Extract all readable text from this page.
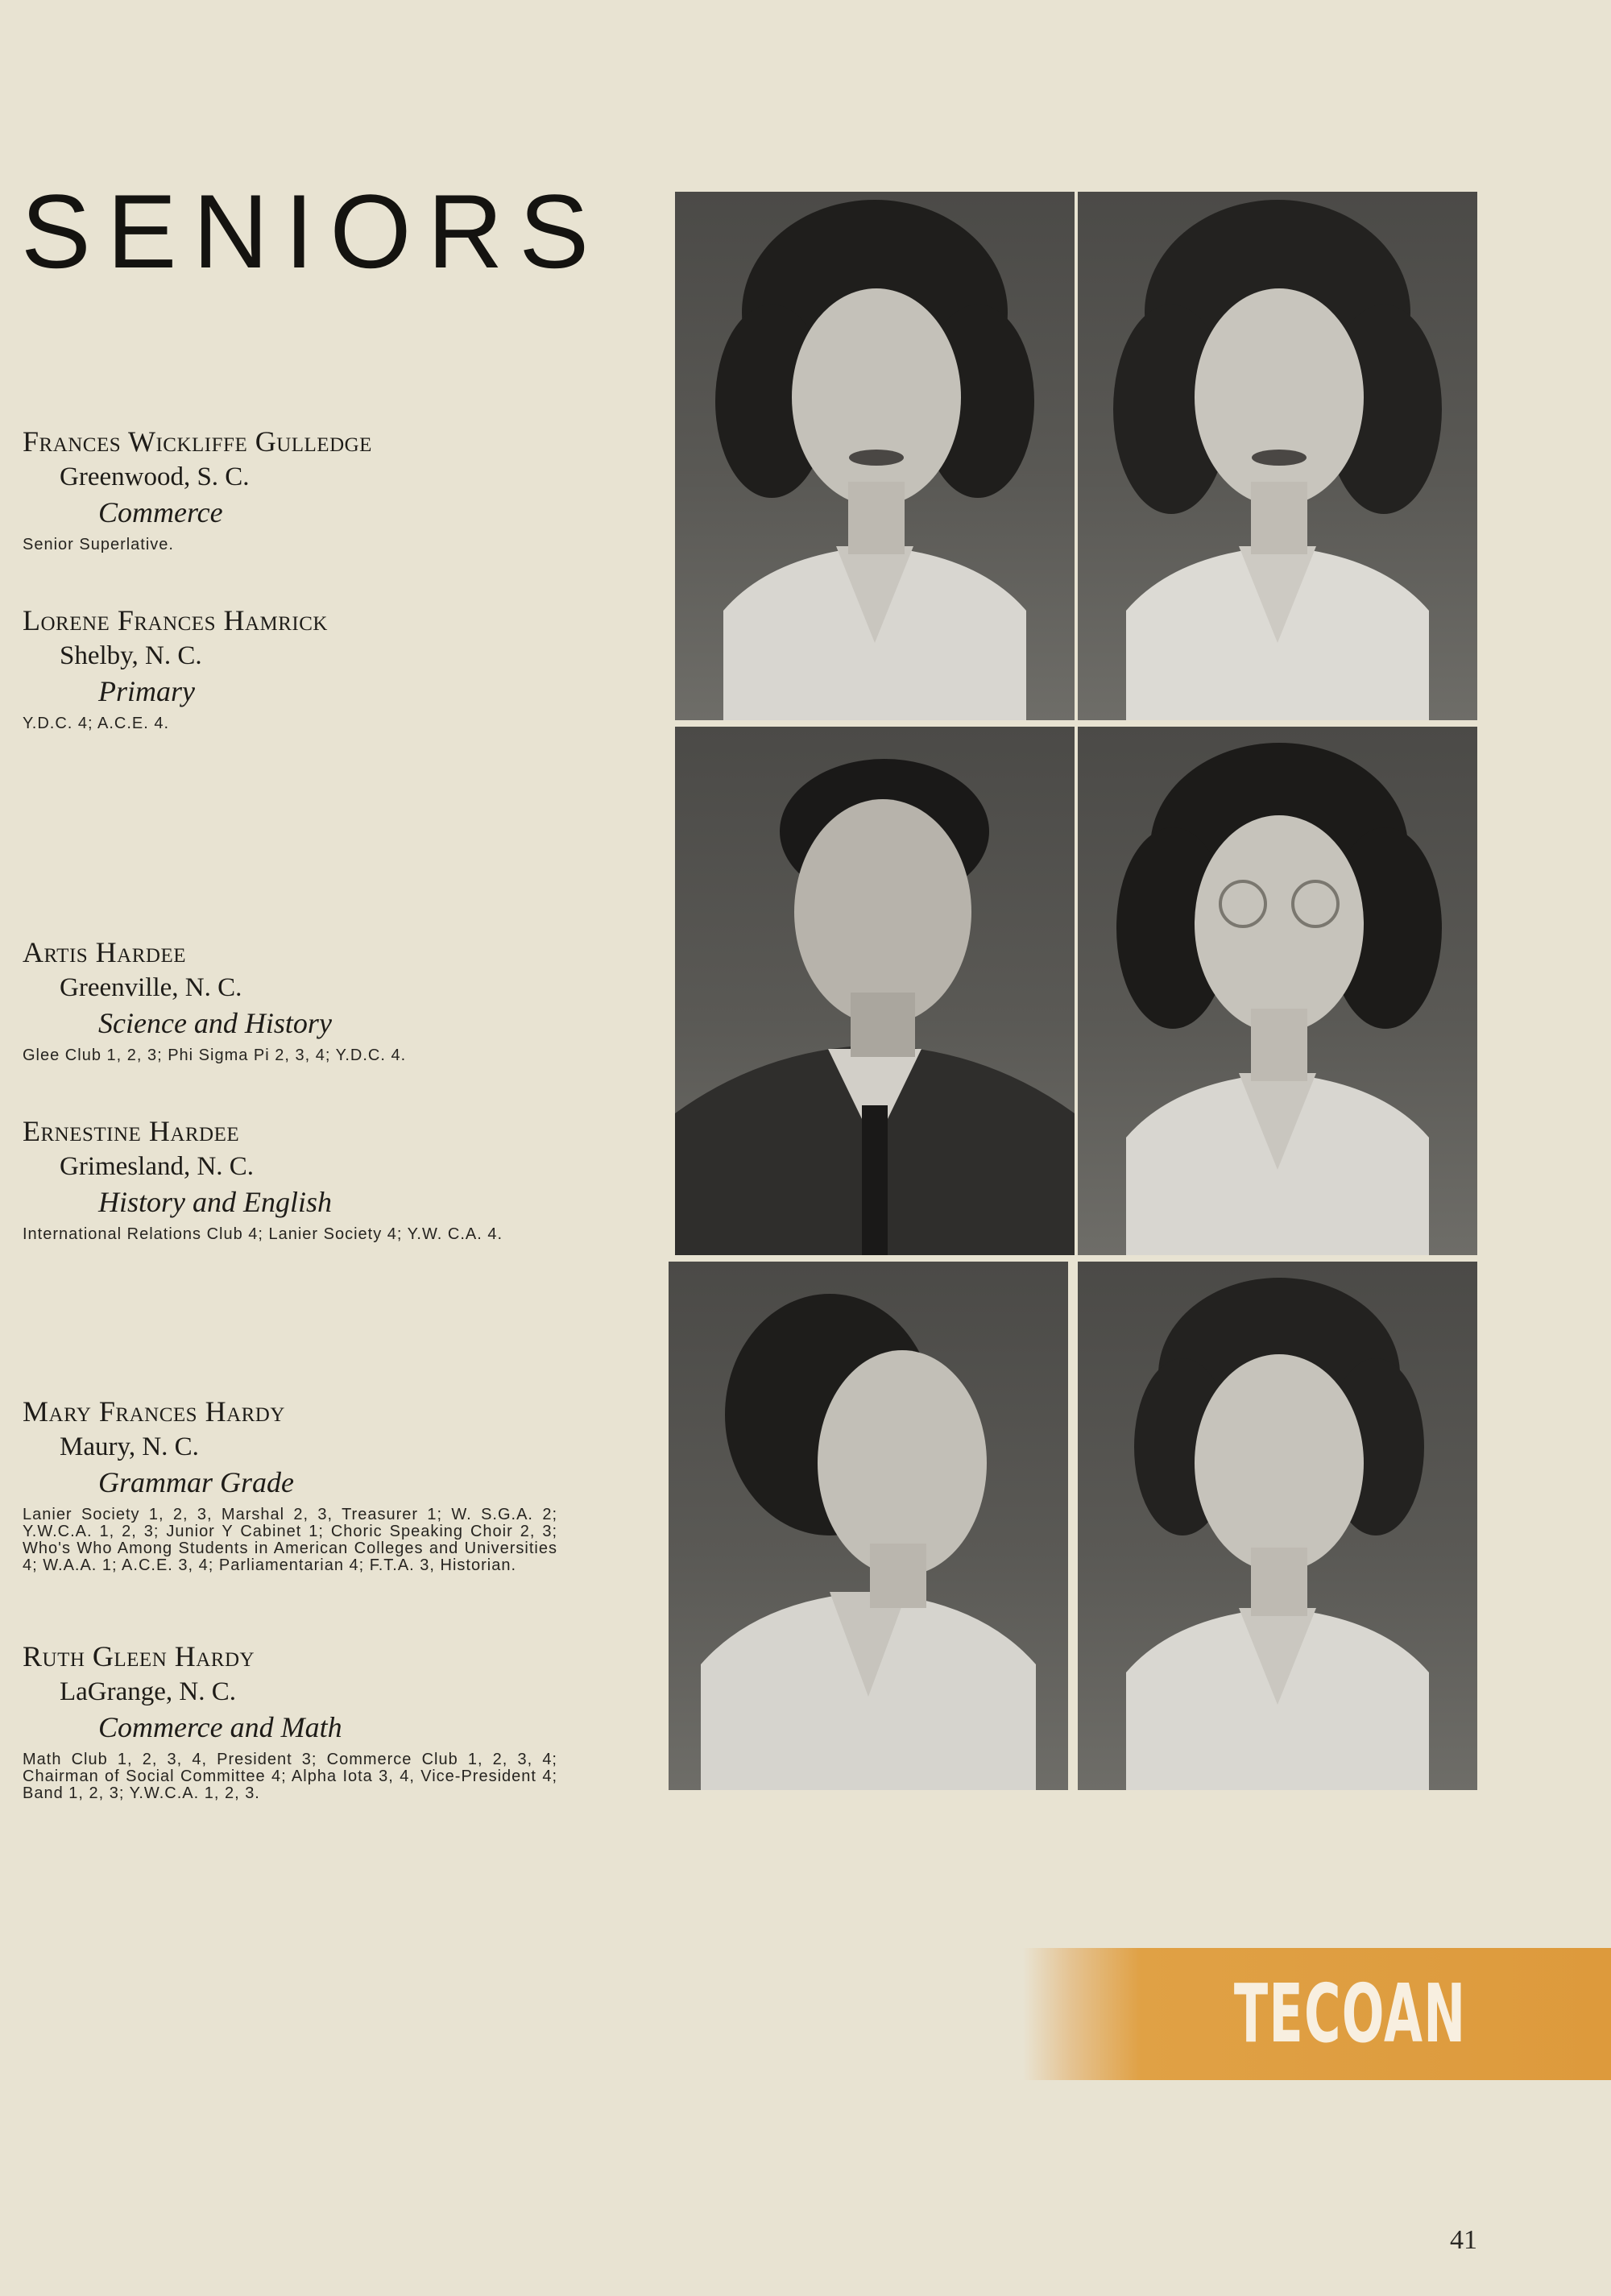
SENIORS
Frances Wickliffe Gulledge
Greenwood, S. C.
Commerce
Senior Superlative.
Lorene Frances Hamrick
Shelby, N. C.
Primary
Y.D.C. 4; A.C.E. 4.
Artis Hardee
Greenville, N. C.
Science and History
Glee Club 1, 2, 3; Phi Sigma Pi 2, 3, 4; Y.D.C. 4.
Ernestine Hardee
Grimesland, N. C.
History and English
International Relations Club 4; Lanier Society 4; Y.W. C.A. 4.
Mary Frances Hardy
Maury, N. C.
Grammar Grade
Lanier Society 1, 2, 3, Marshal 2, 3, Treasurer 1; W. S.G.A. 2; Y.W.C.A. 1, 2, 3; Junior Y Cabinet 1; Choric Speaking Choir 2, 3; Who's Who Among Students in American Colleges and Universities 4; W.A.A. 1; A.C.E. 3, 4; Parliamentarian 4; F.T.A. 3, Historian.
Ruth Gleen Hardy
LaGrange, N. C.
Commerce and Math
Math Club 1, 2, 3, 4, President 3; Commerce Club 1, 2, 3, 4; Chairman of Social Committee 4; Alpha Iota 3, 4, Vice-President 4; Band 1, 2, 3; Y.W.C.A. 1, 2, 3.
TECOAN
41
